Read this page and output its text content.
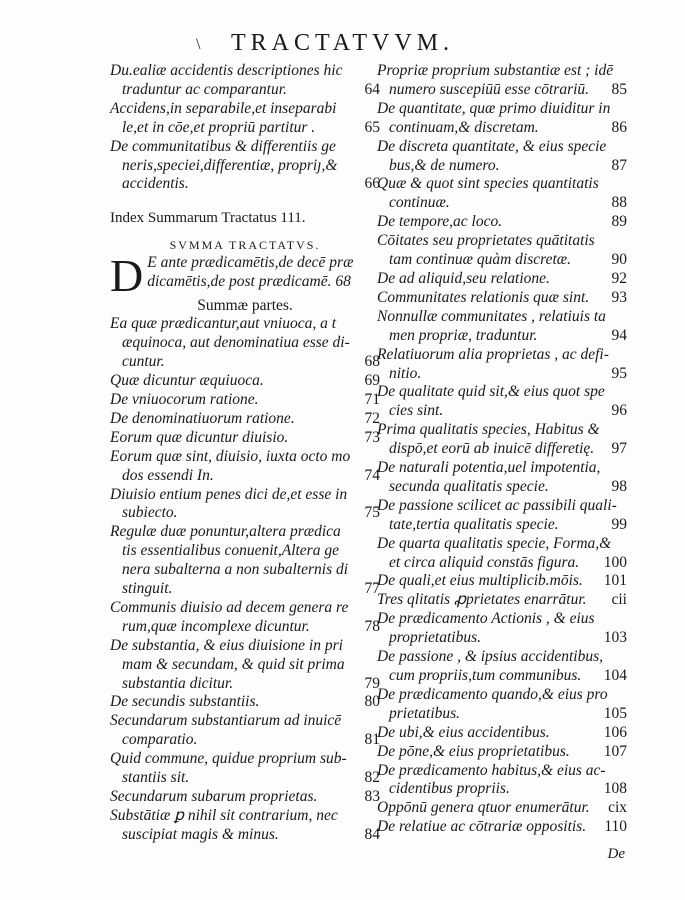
\	TRACTATVVM.
Du.ealiæ accidentis descriptiones hic
traduntur ac comparantur.	64
Accidens,in separabile,et inseparabi
le,et in cōe,et propriū partitur .	65
De communitatibus & differentiis ge
neris,speciei,differentiæ, propriȷ,&
accidentis.	66
Index Summarum Tractatus 111.
SVMMA TRACTATVS.
D E ante prædicamētis,de decē præ
dicamētis,de post prædicamē. 68
Summæ partes.
Ea quæ prædicantur,aut vniuoca, a t
æquinoca, aut denominatiua esse di-
cuntur.	68
Quæ dicuntur æquiuoca.	69
De vniuocorum ratione.	71
De denominatiuorum ratione.	72
Eorum quæ dicuntur diuisio.	73
Eorum quæ sint, diuisio, iuxta octo mo
dos essendi In.	74
Diuisio entium penes dici de,et esse in
subiecto.	75
Regulæ duæ ponuntur,altera prædica
tis essentialibus conuenit,Altera ge
nera subalterna a non subalternis di
stinguit.	77
Communis diuisio ad decem genera re
rum,quæ incomplexe dicuntur.	78
De substantia, & eius diuisione in pri
mam & secundam, & quid sit prima
substantia dicitur.	79
De secundis substantiis.	80
Secundarum substantiarum ad inuicē
comparatio.	81
Quid commune, quidue proprium sub-
stantiis sit.	82
Secundarum subarum proprietas.	83
Substātiæ ꝑ nihil sit contrarium, nec
suscipiat magis & minus.	84
Propriæ proprium substantiæ est ; idē
numero suscepiūū esse cōtrariū.	85
De quantitate, quæ primo diuiditur in
continuam,& discretam.	86
De discreta quantitate, & eius specie
bus,& de numero.	87
Quæ & quot sint species quantitatis
continuæ.	88
De tempore,ac loco.	89
Cōitates seu proprietates quātitatis
tam continuæ quàm discretæ.	90
De ad aliquid,seu relatione.	92
Communitates relationis quæ sint.	93
Nonnullæ communitates , relatiuis ta
men propriæ, traduntur.	94
Relatiuorum alia proprietas , ac defi-
nitio.	95
De qualitate quid sit,& eius quot spe
cies sint.	96
Prima qualitatis species, Habitus &
dispō,et eorū ab inuicē differetię.	97
De naturali potentia,uel impotentia,
secunda qualitatis specie.	98
De passione scilicet ac passibili quali-
tate,tertia qualitatis specie.	99
De quarta qualitatis specie, Forma,&
et circa aliquid constās figura.	100
De quali,et eius multiplicib.mōis.	101
Tres qlitatis ꝓprietates enarrātur.	cii
De prædicamento Actionis , & eius
proprietatibus.	103
De passione , & ipsius accidentibus,
cum propriis,tum communibus.	104
De prædicamento quando,& eius pro
prietatibus.	105
De ubi,& eius accidentibus.	106
De pōne,& eius proprietatibus.	107
De prædicamento habitus,& eius ac-
cidentibus propriis.	108
Oppōnū genera qtuor enumerātur.	cix
De relatiue ac cōtrariæ oppositis.	110
De
